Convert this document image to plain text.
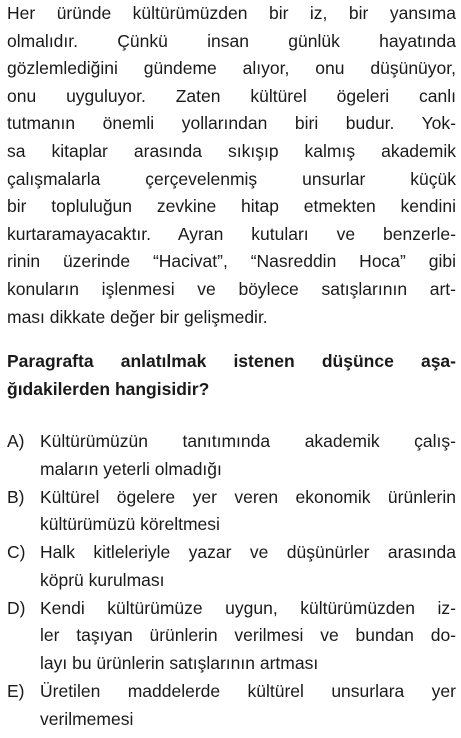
Her üründe kültürümüzden bir iz, bir yansıma
olmalıdır. Çünkü insan günlük hayatında
gözlemlediğini gündeme alıyor, onu düşünüyor,
onu uyguluyor. Zaten kültürel ögeleri canlı
tutmanın önemli yollarından biri budur. Yok-
sa kitaplar arasında sıkışıp kalmış akademik
çalışmalarla çerçevelenmiş unsurlar küçük
bir topluluğun zevkine hitap etmekten kendini
kurtaramayacaktır. Ayran kutuları ve benzerle-
rinin üzerinde “Hacivat”, “Nasreddin Hoca” gibi
konuların işlenmesi ve böylece satışlarının art-
ması dikkate değer bir gelişmedir.
Paragrafta anlatılmak istenen düşünce aşa-
ğıdakilerden hangisidir?
A) Kültürümüzün tanıtımında akademik çalış-
maların yeterli olmadığı
B) Kültürel ögelere yer veren ekonomik ürünlerin
kültürümüzü köreltmesi
C) Halk kitleleriyle yazar ve düşünürler arasında
köprü kurulması
D) Kendi kültürümüze uygun, kültürümüzden iz-
ler taşıyan ürünlerin verilmesi ve bundan do-
layı bu ürünlerin satışlarının artması
E) Üretilen maddelerde kültürel unsurlara yer
verilmemesi
